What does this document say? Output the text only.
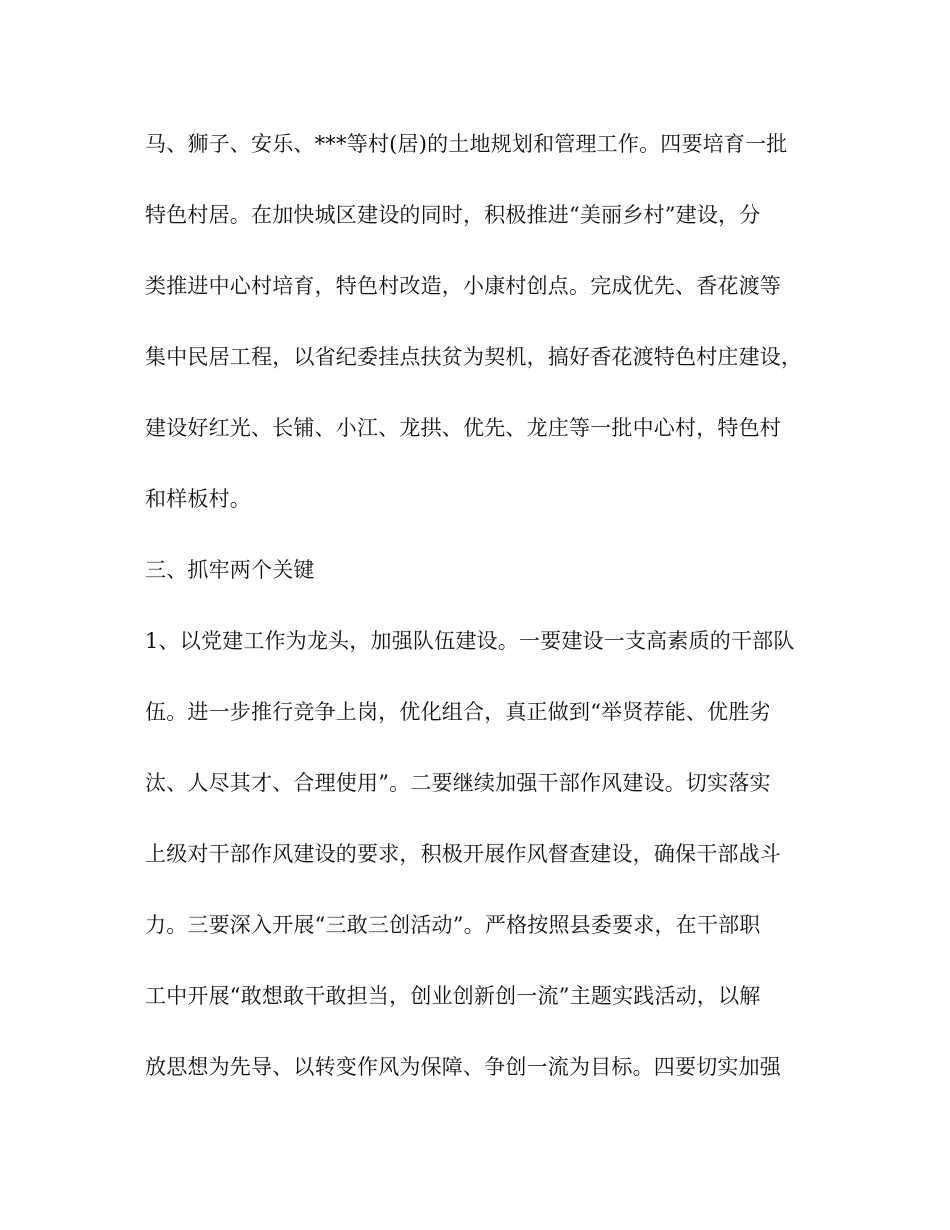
马、狮子、安乐、***等村(居)的土地规划和管理工作。四要培育一批
特色村居。在加快城区建设的同时，积极推进“美丽乡村”建设，分
类推进中心村培育，特色村改造，小康村创点。完成优先、香花渡等
集中民居工程，以省纪委挂点扶贫为契机，搞好香花渡特色村庄建设，
建设好红光、长铺、小江、龙拱、优先、龙庄等一批中心村，特色村
和样板村。
三、抓牢两个关键
1、以党建工作为龙头，加强队伍建设。一要建设一支高素质的干部队
伍。进一步推行竞争上岗，优化组合，真正做到“举贤荐能、优胜劣
汰、人尽其才、合理使用”。二要继续加强干部作风建设。切实落实
上级对干部作风建设的要求，积极开展作风督查建设，确保干部战斗
力。三要深入开展“三敢三创活动”。严格按照县委要求，在干部职
工中开展“敢想敢干敢担当，创业创新创一流”主题实践活动，以解
放思想为先导、以转变作风为保障、争创一流为目标。四要切实加强
